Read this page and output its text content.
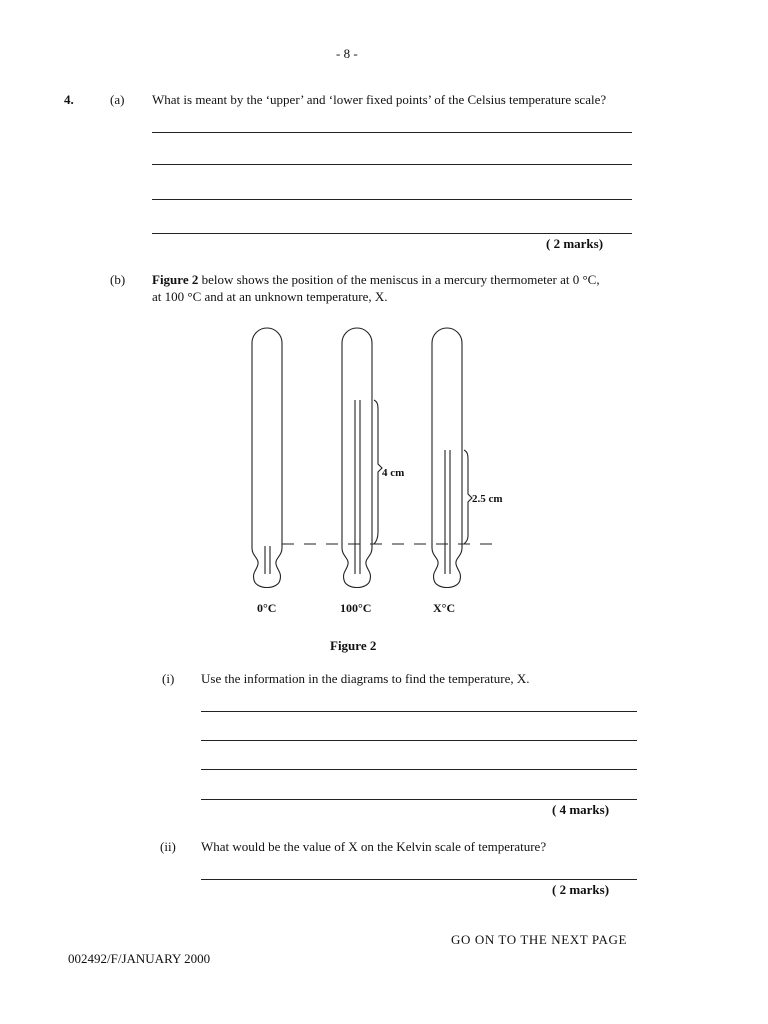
- 8 -
4.	(a) What is meant by the ‘upper’ and ‘lower fixed points’ of the Celsius temperature scale?
( 2 marks)
(b) Figure 2 below shows the position of the meniscus in a mercury thermometer at 0 °C,
at 100 °C and at an unknown temperature, X.
4 cm
2.5 cm
0°C	100°C	X°C
Figure 2
(i) Use the information in the diagrams to find the temperature, X.
( 4 marks)
(ii) What would be the value of X on the Kelvin scale of temperature?
( 2 marks)
GO ON TO THE NEXT PAGE
002492/F/JANUARY 2000
